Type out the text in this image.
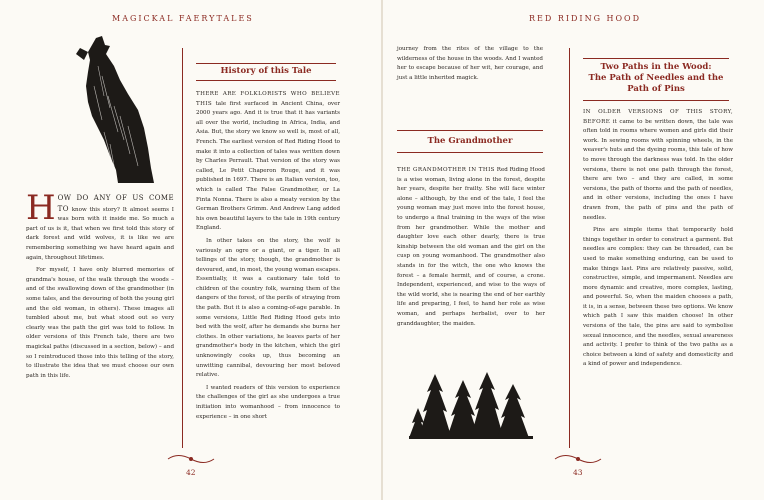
MAGICKAL FAERYTALES

H OW DO ANY OF US COME TO know this story? It almost seems I was born with it inside me. So much a part of us is it, that when we first told this story of dark forest and wild wolves, it is like we are remembering something we have heard again and again, throughout lifetimes.

For myself, I have only blurred memories of grandma's house, of the walk through the woods – and of the swallowing down of the grandmother (in some tales, and the devouring of both the young girl and the old woman, in others). These images all tumbled about me, but what stood out so very clearly was the path the girl was told to follow. In older versions of this French tale, there are two magickal paths (discussed in a section, below) – and so I reintroduced those into this telling of the story, to illustrate the idea that we must choose our own path in this life.

History of this Tale

THERE ARE FOLKLORISTS WHO BELIEVE THIS tale first surfaced in Ancient China, over 2000 years ago. And it is true that it has variants all over the world, including in Africa, India, and Asia. But, the story we know so well is, most of all, French. The earliest version of Red Riding Hood to make it into a collection of tales was written down by Charles Perrault. That version of the story was called, Le Petit Chaperon Rouge, and it was published in 1697. There is an Italian version, too, which is called The False Grandmother, or La Finta Nonna. There is also a meaty version by the German Brothers Grimm. And Andrew Lang added his own beautiful layers to the tale in 19th century England.

In other takes on the story, the wolf is variously an ogre or a giant, or a tiger. In all tellings of the story, though, the grandmother is devoured, and, in most, the young woman escapes. Essentially, it was a cautionary tale told to children of the country folk, warning them of the dangers of the forest, of the perils of straying from the path. But it is also a coming-of-age parable. In some versions, Little Red Riding Hood gets into bed with the wolf, after he demands she burns her clothes. In other variations, he leaves parts of her grandmother's body in the kitchen, which the girl unknowingly cooks up, thus becoming an unwitting cannibal, devouring her most beloved relative.

I wanted readers of this version to experience the challenges of the girl as she undergoes a true initiation into womanhood – from innocence to experience – in one short

42
RED RIDING HOOD

journey from the rites of the village to the wilderness of the house in the woods. And I wanted her to escape because of her wit, her courage, and just a little inherited magick.

The Grandmother

THE GRANDMOTHER IN THIS Red Riding Hood is a wise woman, living alone in the forest, despite her years, despite her frailty. She will face winter alone – although, by the end of the tale, I feel the young woman may just move into the forest house, to undergo a final training in the ways of the wise from her grandmother. While the mother and daughter love each other dearly, there is true kinship between the old woman and the girl on the cusp on young womanhood. The grandmother also stands in for the witch, the one who knows the forest – a female hermit, and of course, a crone. Independent, experienced, and wise to the ways of the wild world, she is nearing the end of her earthly life and preparing, I feel, to hand her role as wise woman, and perhaps herbalist, over to her granddaughter, the maiden.

Two Paths in the Wood:
The Path of Needles and the
Path of Pins

IN OLDER VERSIONS OF THIS STORY, BEFORE it came to be written down, the tale was often told in rooms where women and girls did their work. In sewing rooms with spinning wheels, in the weaver's huts and the dyeing rooms, this tale of how to move through the darkness was told. In the older versions, there is not one path through the forest, there are two – and they are called, in some versions, the path of thorns and the path of needles, and in other versions, including the ones I have drawn from, the path of pins and the path of needles.

Pins are simple items that temporarily hold things together in order to construct a garment. But needles are complex: they can be threaded, can be used to make something enduring, can be used to make things last. Pins are relatively passive, solid, constructive, simple, and impermanent. Needles are more dynamic and creative, more complex, lasting, and powerful. So, when the maiden chooses a path, it is, in a sense, between these two options. We know which path I saw this maiden choose! In other versions of the tale, the pins are said to symbolise sexual innocence, and the needles, sexual awareness and activity. I prefer to think of the two paths as a choice between a kind of safety and domesticity and a kind of power and independence.

43
